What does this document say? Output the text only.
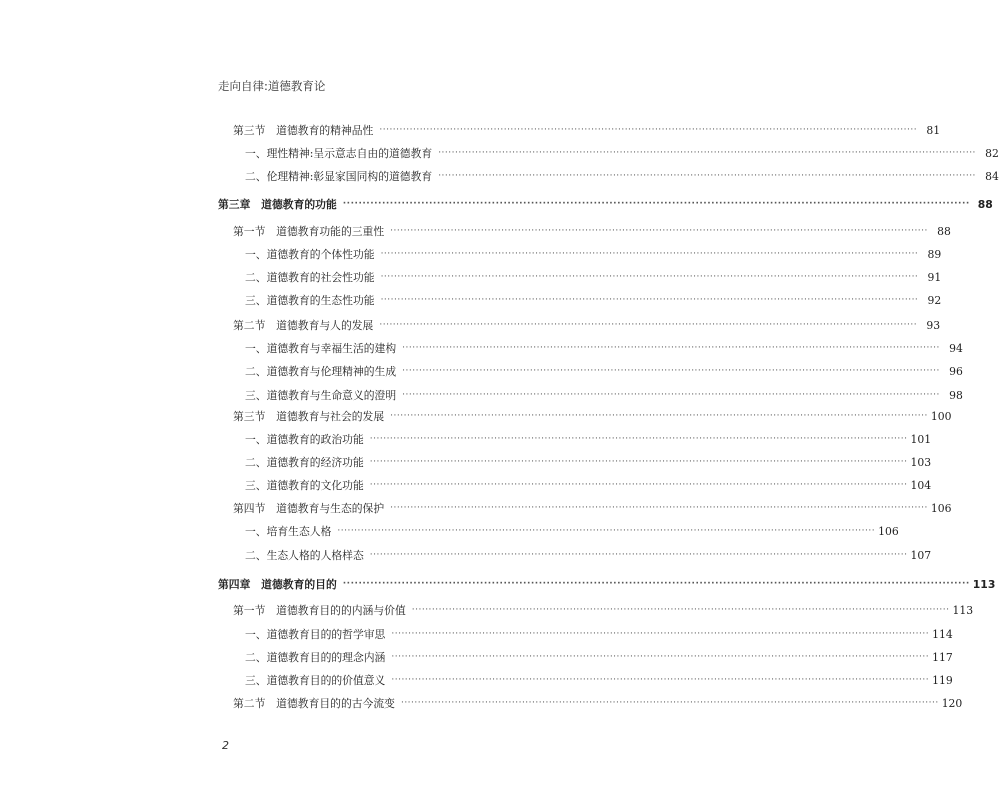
走向自律:道德教育论
第三节　道德教育的精神品性 ································································································································································ 81
一、理性精神:呈示意志自由的道德教育 ································································································································································ 82
二、伦理精神:彰显家国同构的道德教育 ································································································································································ 84
第三章　道德教育的功能 ································································································································································ 88
第一节　道德教育功能的三重性 ································································································································································ 88
一、道德教育的个体性功能 ································································································································································ 89
二、道德教育的社会性功能 ································································································································································ 91
三、道德教育的生态性功能 ································································································································································ 92
第二节　道德教育与人的发展 ································································································································································ 93
一、道德教育与幸福生活的建构 ································································································································································ 94
二、道德教育与伦理精神的生成 ································································································································································ 96
三、道德教育与生命意义的澄明 ································································································································································ 98
第三节　道德教育与社会的发展 ································································································································································ 100
一、道德教育的政治功能 ································································································································································ 101
二、道德教育的经济功能 ································································································································································ 103
三、道德教育的文化功能 ································································································································································ 104
第四节　道德教育与生态的保护 ································································································································································ 106
一、培育生态人格 ································································································································································ 106
二、生态人格的人格样态 ································································································································································ 107
第四章　道德教育的目的 ································································································································································ 113
第一节　道德教育目的的内涵与价值 ································································································································································ 113
一、道德教育目的的哲学审思 ································································································································································ 114
二、道德教育目的的理念内涵 ································································································································································ 117
三、道德教育目的的价值意义 ································································································································································ 119
第二节　道德教育目的的古今流变 ································································································································································ 120
2
